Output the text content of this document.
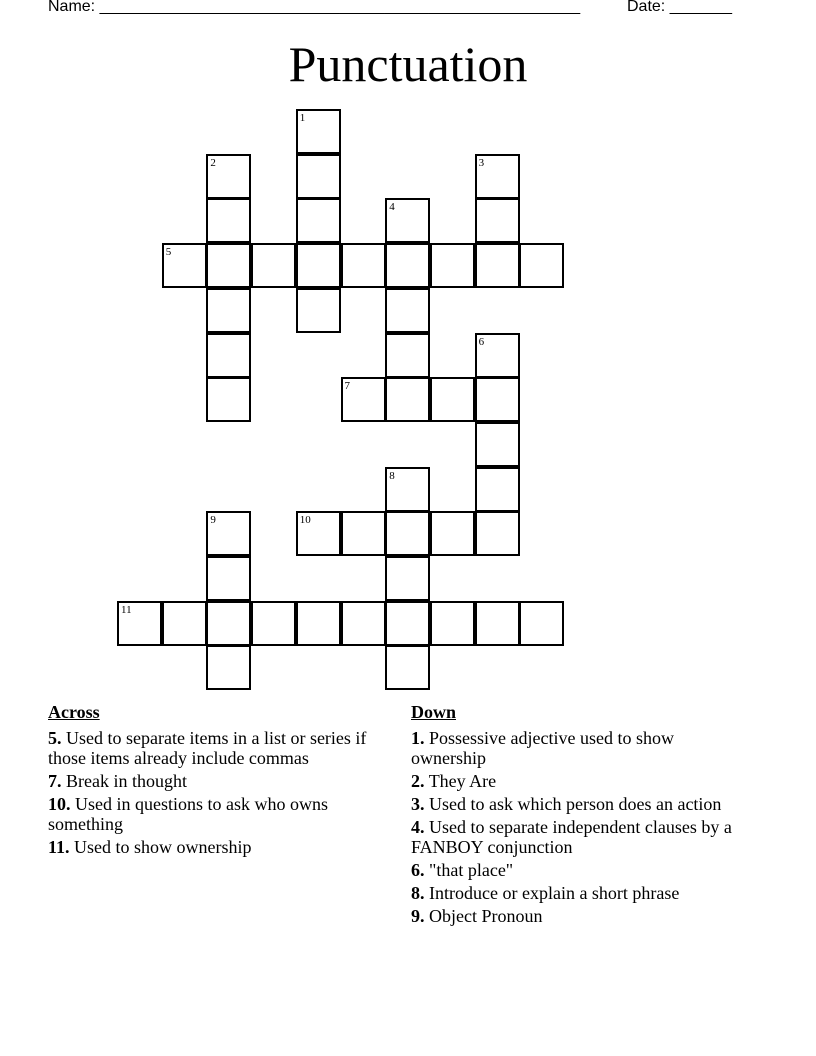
Name: ______________________________________________________	Date: _______
Punctuation
1
2	3
4
5
6
7
8
9	10
11
Across
5. Used to separate items in a list or series if those items already include commas
7. Break in thought
10. Used in questions to ask who owns something
11. Used to show ownership
Down
1. Possessive adjective used to show ownership
2. They Are
3. Used to ask which person does an action
4. Used to separate independent clauses by a FANBOY conjunction
6. "that place"
8. Introduce or explain a short phrase
9. Object Pronoun
